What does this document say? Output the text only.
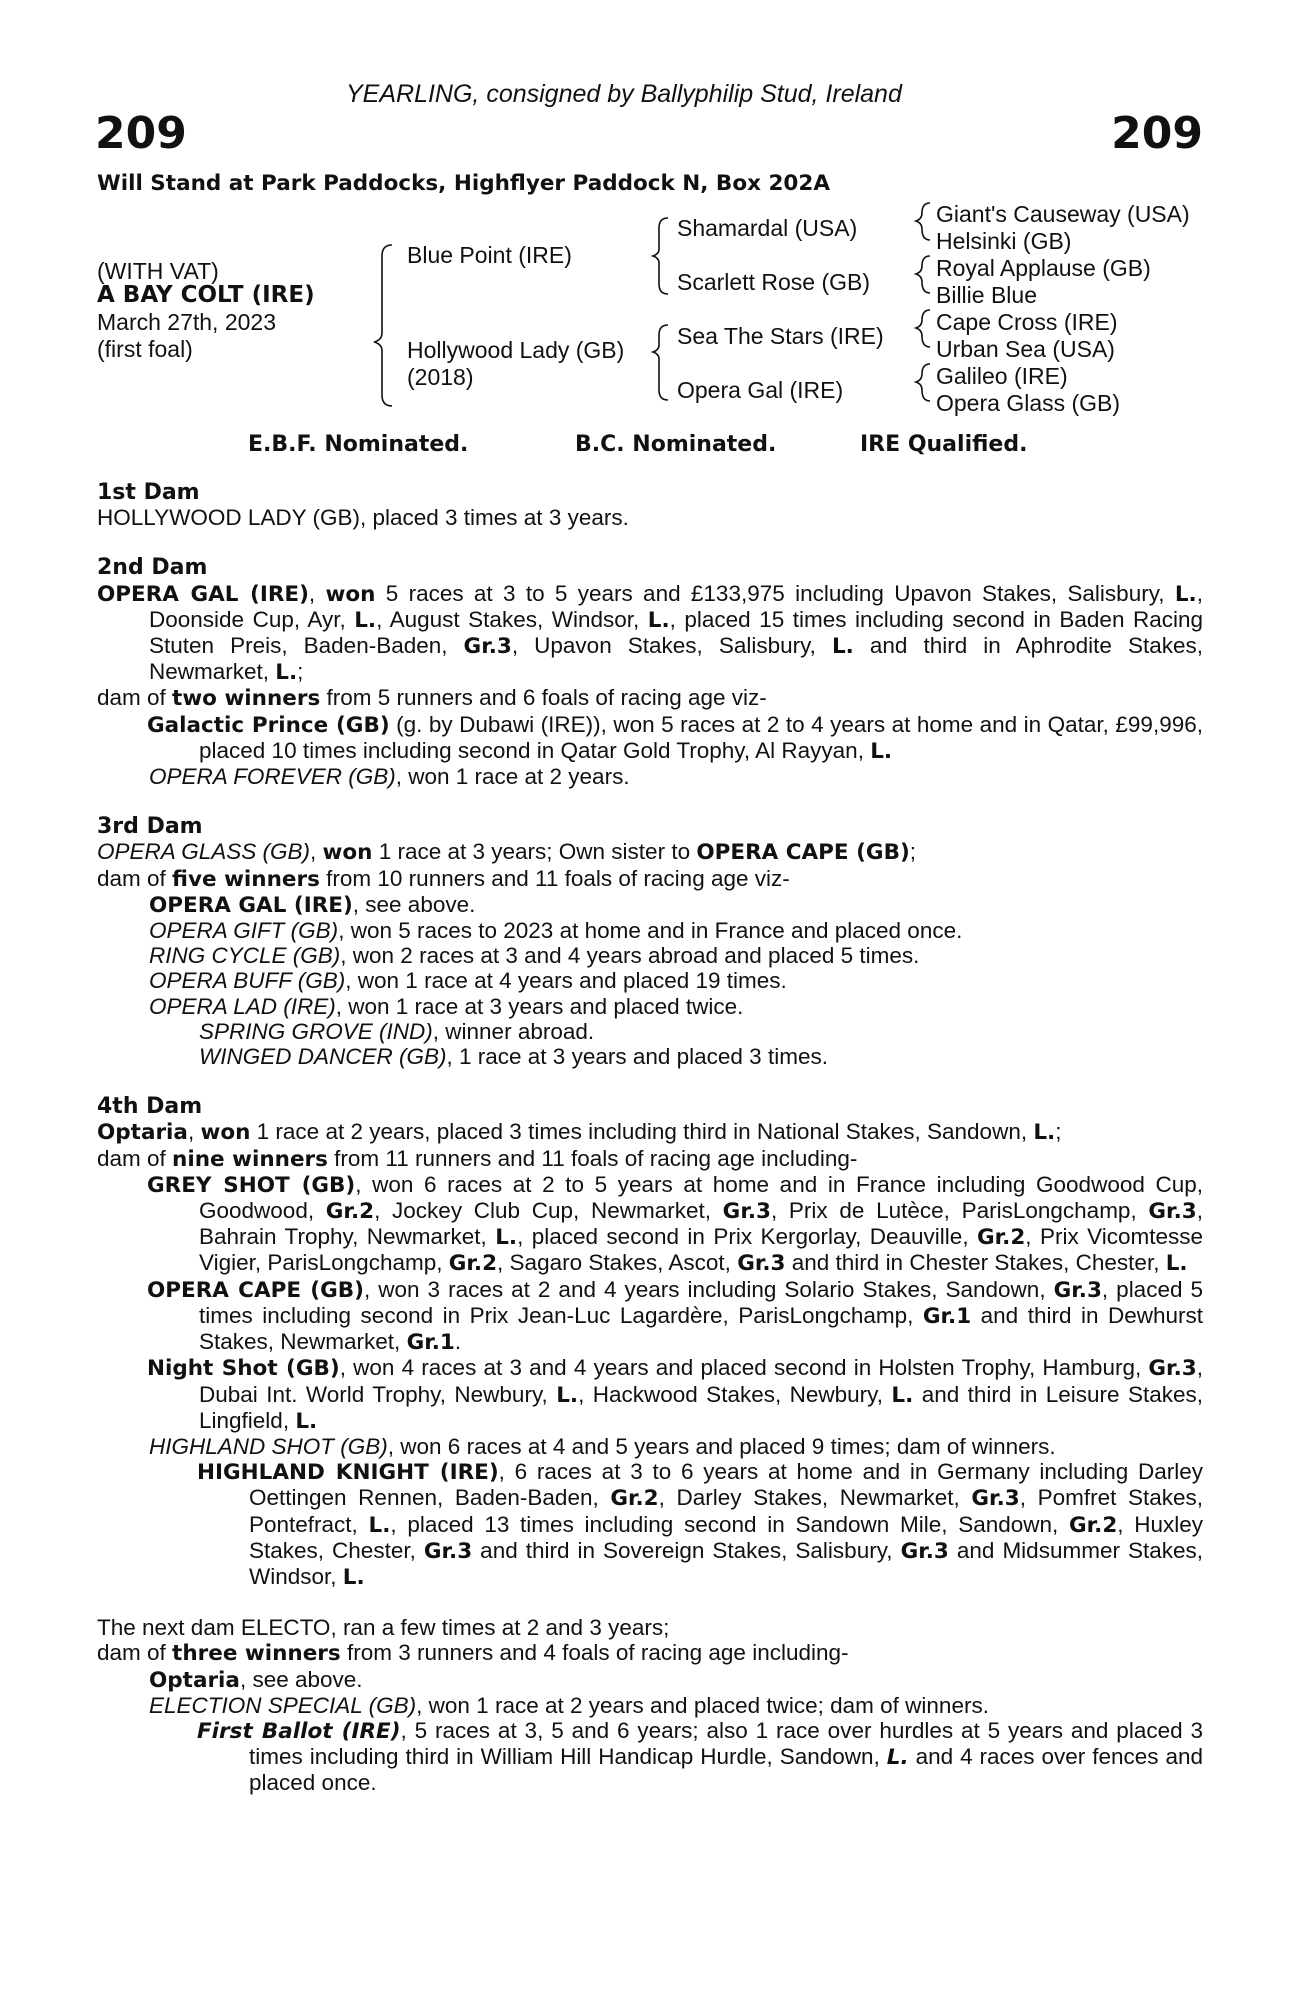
YEARLING, consigned by Ballyphilip Stud, Ireland
209	209
Will Stand at Park Paddocks, Highflyer Paddock N, Box 202A
(WITH VAT)
A BAY COLT (IRE)
March 27th, 2023
(first foal)
Blue Point (IRE)
Hollywood Lady (GB)
(2018)
Shamardal (USA)
Scarlett Rose (GB)
Sea The Stars (IRE)
Opera Gal (IRE)
Giant's Causeway (USA)
Helsinki (GB)
Royal Applause (GB)
Billie Blue
Cape Cross (IRE)
Urban Sea (USA)
Galileo (IRE)
Opera Glass (GB)
E.B.F. Nominated.	B.C. Nominated.	IRE Qualified.

1st Dam

HOLLYWOOD LADY (GB), placed 3 times at 3 years.

2nd Dam

OPERA GAL (IRE), won 5 races at 3 to 5 years and £133,975 including Upavon Stakes, Salisbury, L., Doonside Cup, Ayr, L., August Stakes, Windsor, L., placed 15 times including second in Baden Racing Stuten Preis, Baden-Baden, Gr.3, Upavon Stakes, Salisbury, L. and third in Aphrodite Stakes, Newmarket, L.;

dam of two winners from 5 runners and 6 foals of racing age viz-

Galactic Prince (GB) (g. by Dubawi (IRE)), won 5 races at 2 to 4 years at home and in Qatar, £99,996, placed 10 times including second in Qatar Gold Trophy, Al Rayyan, L.

OPERA FOREVER (GB), won 1 race at 2 years.

3rd Dam

OPERA GLASS (GB), won 1 race at 3 years; Own sister to OPERA CAPE (GB);

dam of five winners from 10 runners and 11 foals of racing age viz-

OPERA GAL (IRE), see above.

OPERA GIFT (GB), won 5 races to 2023 at home and in France and placed once.

RING CYCLE (GB), won 2 races at 3 and 4 years abroad and placed 5 times.

OPERA BUFF (GB), won 1 race at 4 years and placed 19 times.

OPERA LAD (IRE), won 1 race at 3 years and placed twice.

SPRING GROVE (IND), winner abroad.

WINGED DANCER (GB), 1 race at 3 years and placed 3 times.

4th Dam

Optaria, won 1 race at 2 years, placed 3 times including third in National Stakes, Sandown, L.;

dam of nine winners from 11 runners and 11 foals of racing age including-

GREY SHOT (GB), won 6 races at 2 to 5 years at home and in France including Goodwood Cup, Goodwood, Gr.2, Jockey Club Cup, Newmarket, Gr.3, Prix de Lutèce, ParisLongchamp, Gr.3, Bahrain Trophy, Newmarket, L., placed second in Prix Kergorlay, Deauville, Gr.2, Prix Vicomtesse Vigier, ParisLongchamp, Gr.2, Sagaro Stakes, Ascot, Gr.3 and third in Chester Stakes, Chester, L.

OPERA CAPE (GB), won 3 races at 2 and 4 years including Solario Stakes, Sandown, Gr.3, placed 5 times including second in Prix Jean-Luc Lagardère, ParisLongchamp, Gr.1 and third in Dewhurst Stakes, Newmarket, Gr.1.

Night Shot (GB), won 4 races at 3 and 4 years and placed second in Holsten Trophy, Hamburg, Gr.3, Dubai Int. World Trophy, Newbury, L., Hackwood Stakes, Newbury, L. and third in Leisure Stakes, Lingfield, L.

HIGHLAND SHOT (GB), won 6 races at 4 and 5 years and placed 9 times; dam of winners.

HIGHLAND KNIGHT (IRE), 6 races at 3 to 6 years at home and in Germany including Darley Oettingen Rennen, Baden-Baden, Gr.2, Darley Stakes, Newmarket, Gr.3, Pomfret Stakes, Pontefract, L., placed 13 times including second in Sandown Mile, Sandown, Gr.2, Huxley Stakes, Chester, Gr.3 and third in Sovereign Stakes, Salisbury, Gr.3 and Midsummer Stakes, Windsor, L.

The next dam ELECTO, ran a few times at 2 and 3 years;

dam of three winners from 3 runners and 4 foals of racing age including-

Optaria, see above.

ELECTION SPECIAL (GB), won 1 race at 2 years and placed twice; dam of winners.

First Ballot (IRE), 5 races at 3, 5 and 6 years; also 1 race over hurdles at 5 years and placed 3 times including third in William Hill Handicap Hurdle, Sandown, L. and 4 races over fences and placed once.
